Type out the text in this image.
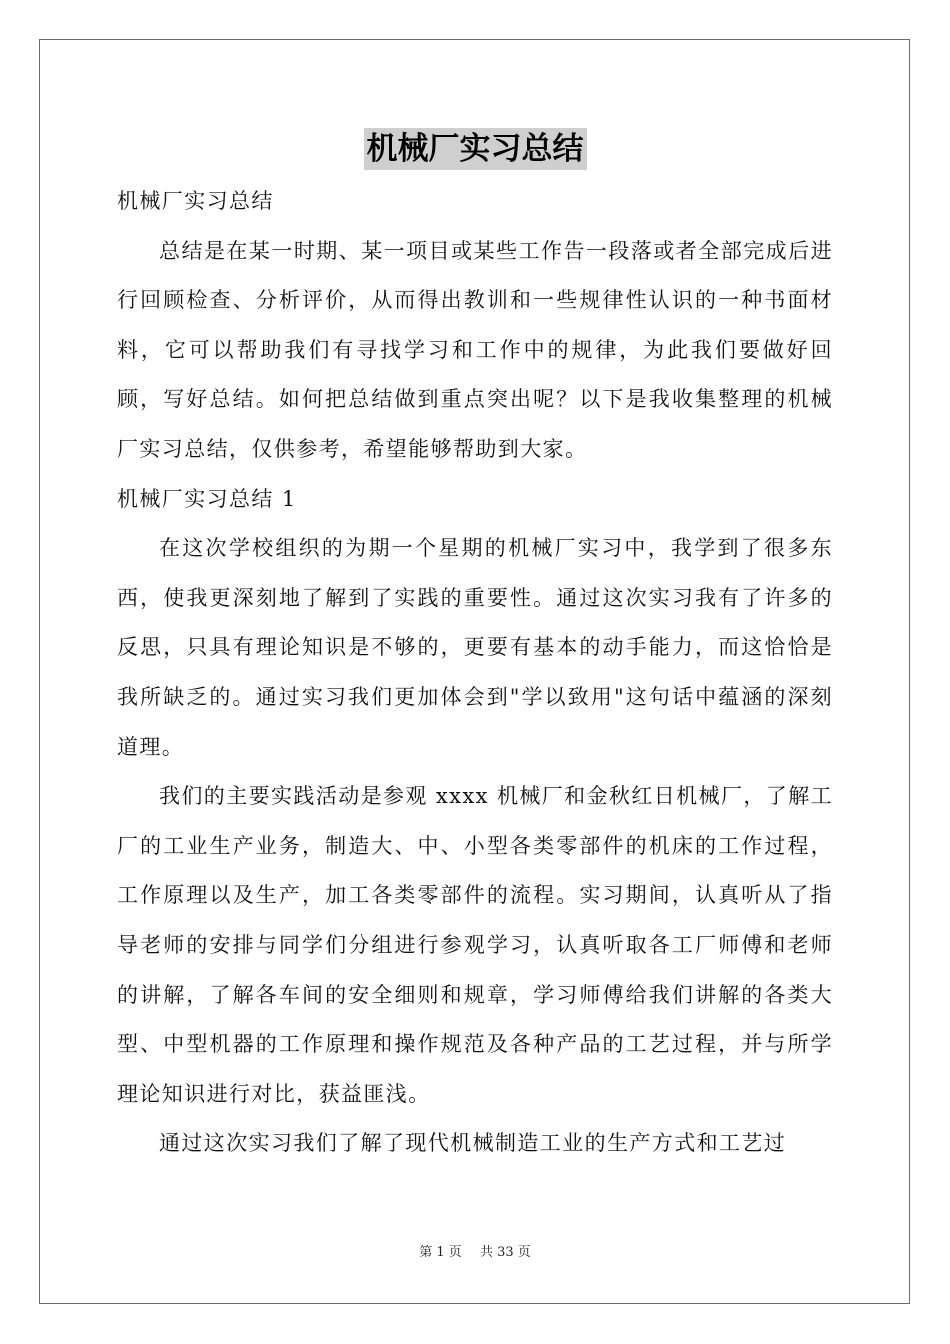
机械厂实习总结

机械厂实习总结

总结是在某一时期、某一项目或某些工作告一段落或者全部完成后进行回顾检查、分析评价，从而得出教训和一些规律性认识的一种书面材料，它可以帮助我们有寻找学习和工作中的规律，为此我们要做好回顾，写好总结。如何把总结做到重点突出呢？以下是我收集整理的机械厂实习总结，仅供参考，希望能够帮助到大家。

机械厂实习总结 1

在这次学校组织的为期一个星期的机械厂实习中，我学到了很多东西，使我更深刻地了解到了实践的重要性。通过这次实习我有了许多的反思，只具有理论知识是不够的，更要有基本的动手能力，而这恰恰是我所缺乏的。通过实习我们更加体会到"学以致用"这句话中蕴涵的深刻道理。

我们的主要实践活动是参观 xxxx 机械厂和金秋红日机械厂，了解工厂的工业生产业务，制造大、中、小型各类零部件的机床的工作过程，工作原理以及生产，加工各类零部件的流程。实习期间，认真听从了指导老师的安排与同学们分组进行参观学习，认真听取各工厂师傅和老师的讲解，了解各车间的安全细则和规章，学习师傅给我们讲解的各类大型、中型机器的工作原理和操作规范及各种产品的工艺过程，并与所学理论知识进行对比，获益匪浅。

通过这次实习我们了解了现代机械制造工业的生产方式和工艺过

第 1 页 共 33 页
